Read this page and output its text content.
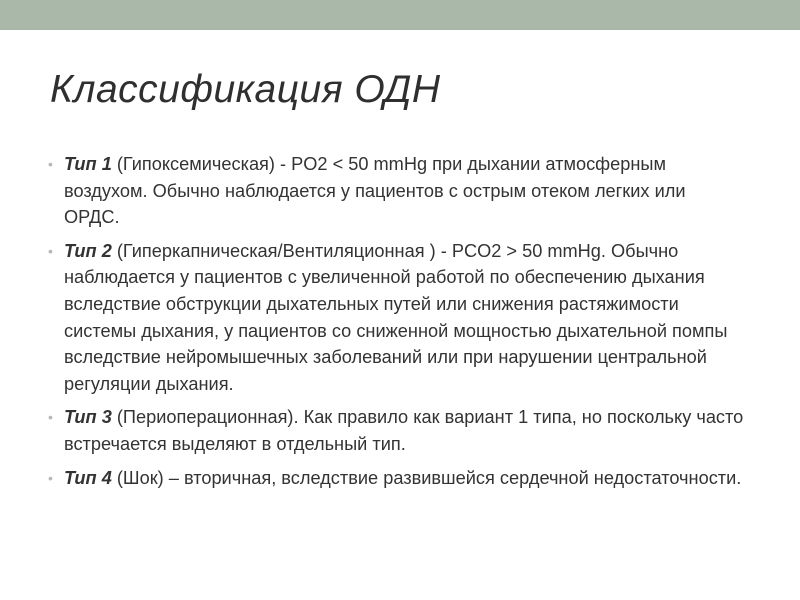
Классификация ОДН
• Тип 1 (Гипоксемическая) - PO2 < 50 mmHg при дыхании атмосферным воздухом. Обычно наблюдается у пациентов с острым отеком легких или ОРДС.
• Тип 2 (Гиперкапническая/Вентиляционная ) - PCO2 > 50 mmHg. Обычно наблюдается у пациентов с увеличенной работой по обеспечению дыхания вследствие обструкции дыхательных путей или снижения растяжимости системы дыхания, у пациентов со сниженной мощностью дыхательной помпы вследствие нейромышечных заболеваний или при нарушении центральной регуляции дыхания.
• Тип 3 (Периоперационная). Как правило как вариант 1 типа, но поскольку часто встречается выделяют в отдельный тип.
• Тип 4 (Шок) – вторичная, вследствие развившейся сердечной недостаточности.
